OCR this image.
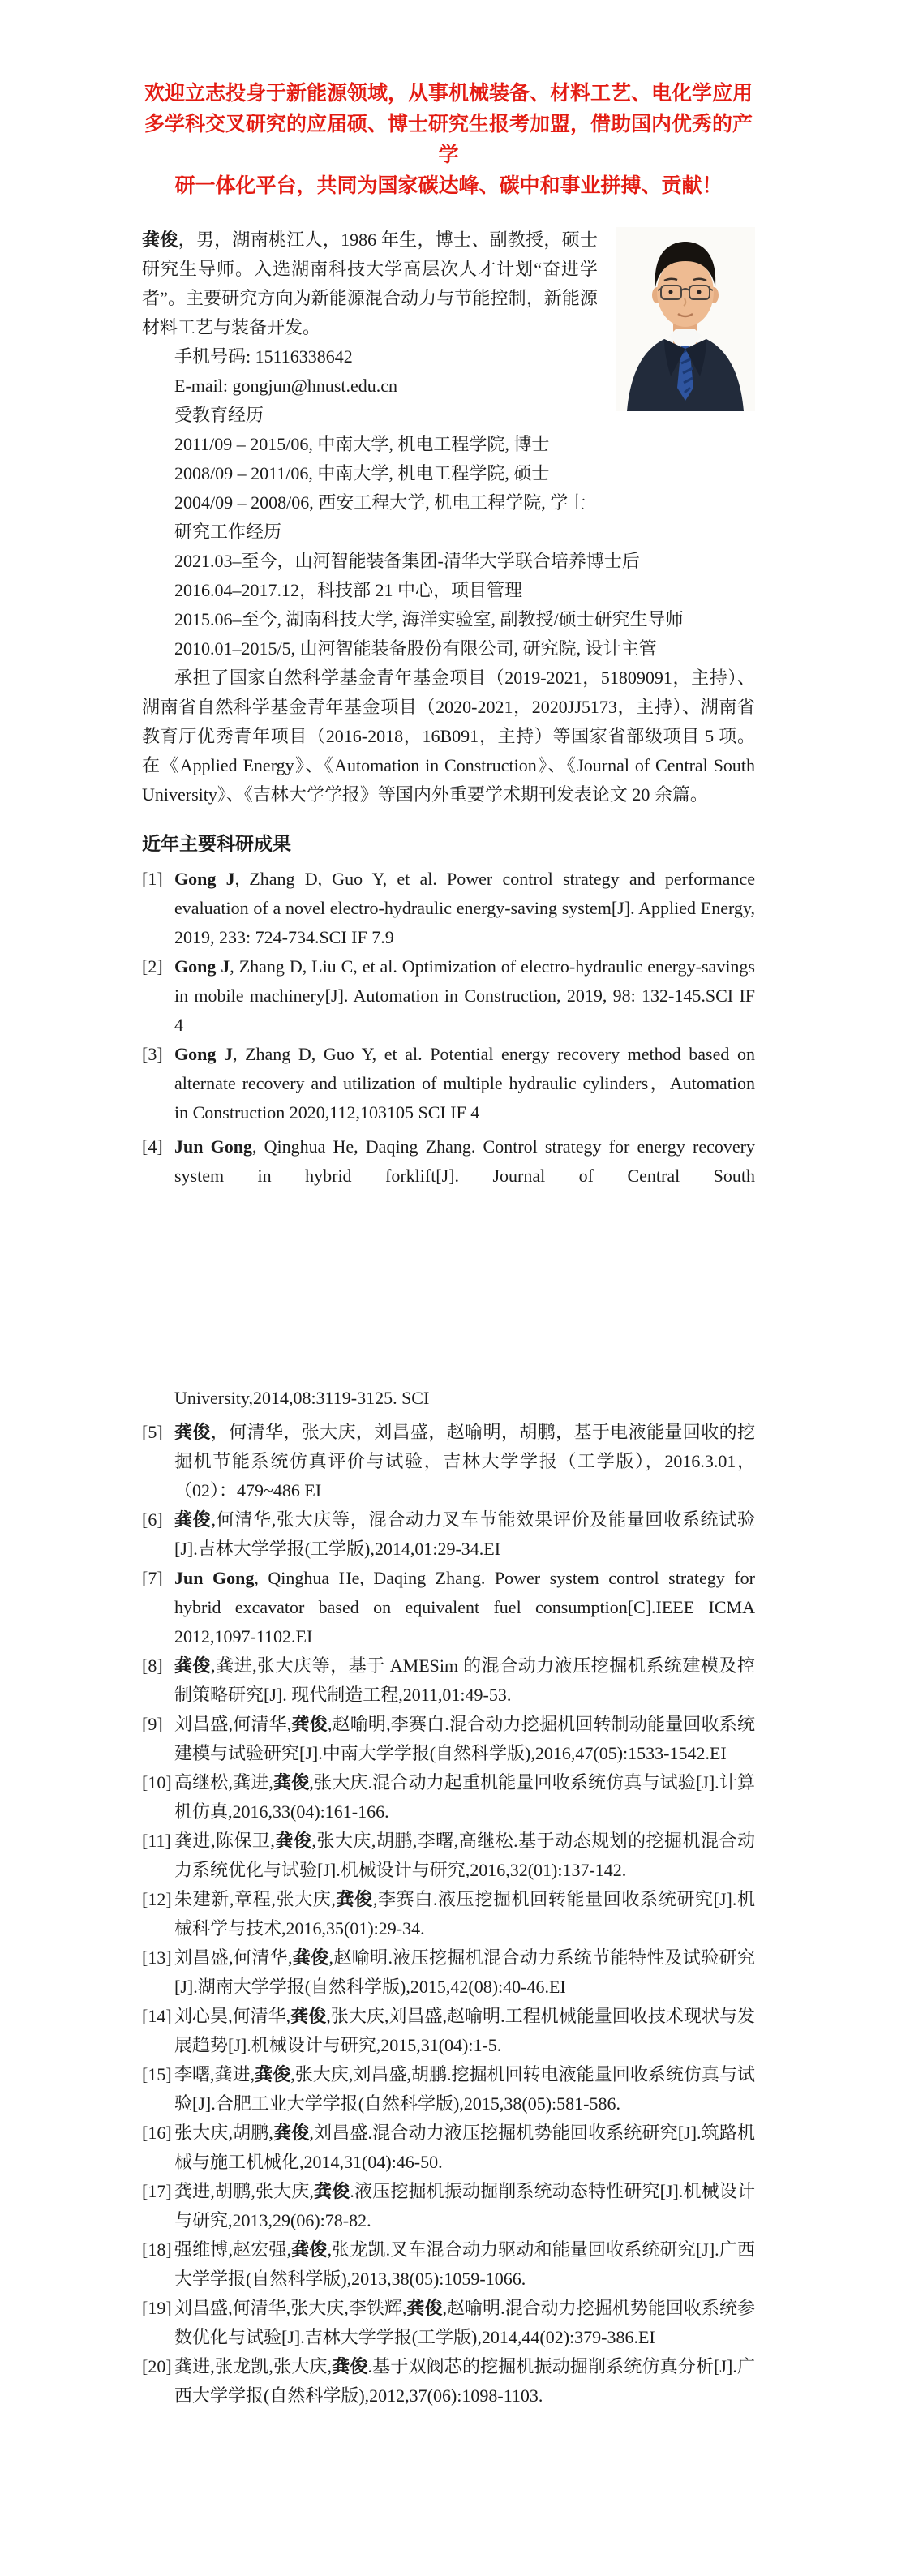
欢迎立志投身于新能源领域，从事机械装备、材料工艺、电化学应用
多学科交叉研究的应届硕、博士研究生报考加盟，借助国内优秀的产学
研一体化平台，共同为国家碳达峰、碳中和事业拼搏、贡献！
龚俊，男，湖南桃江人，1986 年生，博士、副教授，硕士研究生导师。入选湖南科技大学高层次人才计划“奋进学者”。主要研究方向为新能源混合动力与节能控制，新能源材料工艺与装备开发。
手机号码: 15116338642
E-mail: gongjun@hnust.edu.cn
受教育经历
2011/09 – 2015/06, 中南大学, 机电工程学院, 博士
2008/09 – 2011/06, 中南大学, 机电工程学院, 硕士
2004/09 – 2008/06, 西安工程大学, 机电工程学院, 学士
研究工作经历
2021.03–至今，山河智能装备集团-清华大学联合培养博士后
2016.04–2017.12，科技部 21 中心，项目管理
2015.06–至今, 湖南科技大学, 海洋实验室, 副教授/硕士研究生导师
2010.01–2015/5, 山河智能装备股份有限公司, 研究院, 设计主管
承担了国家自然科学基金青年基金项目（2019-2021，51809091，主持）、湖南省自然科学基金青年基金项目（2020-2021，2020JJ5173，主持）、湖南省教育厅优秀青年项目（2016-2018，16B091，主持）等国家省部级项目 5 项。在《Applied Energy》、《Automation in Construction》、《Journal of Central South University》、《吉林大学学报》等国内外重要学术期刊发表论文 20 余篇。
近年主要科研成果
[1] Gong J, Zhang D, Guo Y, et al. Power control strategy and performance evaluation of a novel electro-hydraulic energy-saving system[J]. Applied Energy, 2019, 233: 724-734.SCI IF 7.9
[2] Gong J, Zhang D, Liu C, et al. Optimization of electro-hydraulic energy-savings in mobile machinery[J]. Automation in Construction, 2019, 98: 132-145.SCI IF 4
[3] Gong J, Zhang D, Guo Y, et al. Potential energy recovery method based on alternate recovery and utilization of multiple hydraulic cylinders，Automation in Construction 2020,112,103105 SCI IF 4
[4] Jun Gong, Qinghua He, Daqing Zhang. Control strategy for energy recovery system in hybrid forklift[J]. Journal of Central South
University,2014,08:3119-3125. SCI
[5] 龚俊，何清华，张大庆，刘昌盛，赵喻明，胡鹏，基于电液能量回收的挖掘机节能系统仿真评价与试验，吉林大学学报（工学版），2016.3.01，（02）：479~486 EI
[6] 龚俊,何清华,张大庆等，混合动力叉车节能效果评价及能量回收系统试验[J].吉林大学学报(工学版),2014,01:29-34.EI
[7] Jun Gong, Qinghua He, Daqing Zhang. Power system control strategy for hybrid excavator based on equivalent fuel consumption[C].IEEE ICMA 2012,1097-1102.EI
[8] 龚俊,龚进,张大庆等，基于 AMESim 的混合动力液压挖掘机系统建模及控制策略研究[J]. 现代制造工程,2011,01:49-53.
[9] 刘昌盛,何清华,龚俊,赵喻明,李赛白.混合动力挖掘机回转制动能量回收系统建模与试验研究[J].中南大学学报(自然科学版),2016,47(05):1533-1542.EI
[10] 高继松,龚进,龚俊,张大庆.混合动力起重机能量回收系统仿真与试验[J].计算机仿真,2016,33(04):161-166.
[11] 龚进,陈保卫,龚俊,张大庆,胡鹏,李曙,高继松.基于动态规划的挖掘机混合动力系统优化与试验[J].机械设计与研究,2016,32(01):137-142.
[12] 朱建新,章程,张大庆,龚俊,李赛白.液压挖掘机回转能量回收系统研究[J].机械科学与技术,2016,35(01):29-34.
[13] 刘昌盛,何清华,龚俊,赵喻明.液压挖掘机混合动力系统节能特性及试验研究[J].湖南大学学报(自然科学版),2015,42(08):40-46.EI
[14] 刘心昊,何清华,龚俊,张大庆,刘昌盛,赵喻明.工程机械能量回收技术现状与发展趋势[J].机械设计与研究,2015,31(04):1-5.
[15] 李曙,龚进,龚俊,张大庆,刘昌盛,胡鹏.挖掘机回转电液能量回收系统仿真与试验[J].合肥工业大学学报(自然科学版),2015,38(05):581-586.
[16] 张大庆,胡鹏,龚俊,刘昌盛.混合动力液压挖掘机势能回收系统研究[J].筑路机械与施工机械化,2014,31(04):46-50.
[17] 龚进,胡鹏,张大庆,龚俊.液压挖掘机振动掘削系统动态特性研究[J].机械设计与研究,2013,29(06):78-82.
[18] 强维博,赵宏强,龚俊,张龙凯.叉车混合动力驱动和能量回收系统研究[J].广西大学学报(自然科学版),2013,38(05):1059-1066.
[19] 刘昌盛,何清华,张大庆,李铁辉,龚俊,赵喻明.混合动力挖掘机势能回收系统参数优化与试验[J].吉林大学学报(工学版),2014,44(02):379-386.EI
[20] 龚进,张龙凯,张大庆,龚俊.基于双阀芯的挖掘机振动掘削系统仿真分析[J].广西大学学报(自然科学版),2012,37(06):1098-1103.
